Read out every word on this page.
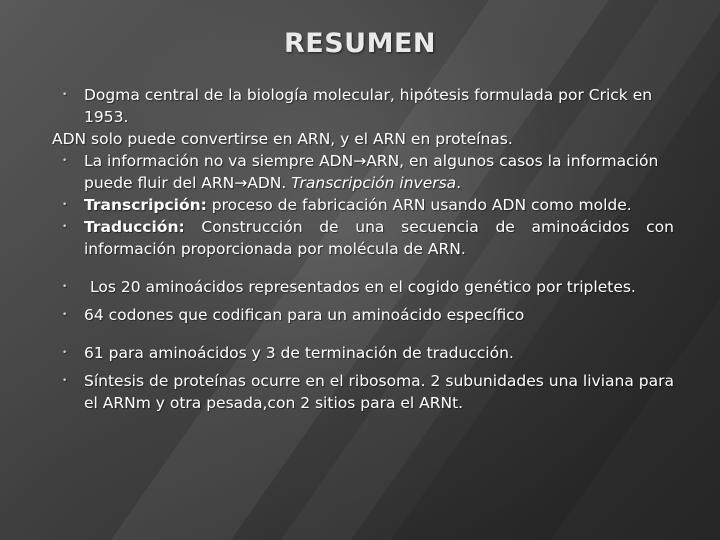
RESUMEN
• Dogma central de la biología molecular, hipótesis formulada por Crick en 1953.
ADN solo puede convertirse en ARN, y el ARN en proteínas.
• La información no va siempre ADN→ARN, en algunos casos la información puede fluir del ARN→ADN. Transcripción inversa.
• Transcripción: proceso de fabricación ARN usando ADN como molde.
• Traducción: Construcción de una secuencia de aminoácidos con información proporcionada por molécula de ARN.
• Los 20 aminoácidos representados en el cogido genético por tripletes.
• 64 codones que codifican para un aminoácido específico
• 61 para aminoácidos y 3 de terminación de traducción.
• Síntesis de proteínas ocurre en el ribosoma. 2 subunidades una liviana para el ARNm y otra pesada,con 2 sitios para el ARNt.
